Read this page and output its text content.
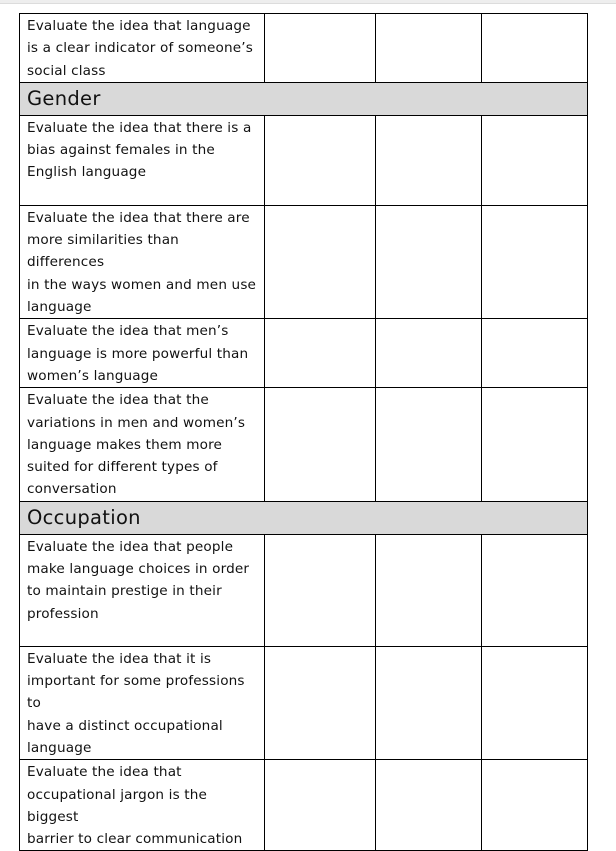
Evaluate the idea that language
is a clear indicator of someone’s
social class			
Gender			
Evaluate the idea that there is a
bias against females in the
English language			
Evaluate the idea that there are
more similarities than differences
in the ways women and men use
language			
Evaluate the idea that men’s
language is more powerful than
women’s language			
Evaluate the idea that the
variations in men and women’s
language makes them more
suited for different types of
conversation			
Occupation			
Evaluate the idea that people
make language choices in order
to maintain prestige in their
profession			
Evaluate the idea that it is
important for some professions to
have a distinct occupational
language			
Evaluate the idea that
occupational jargon is the biggest
barrier to clear communication			
